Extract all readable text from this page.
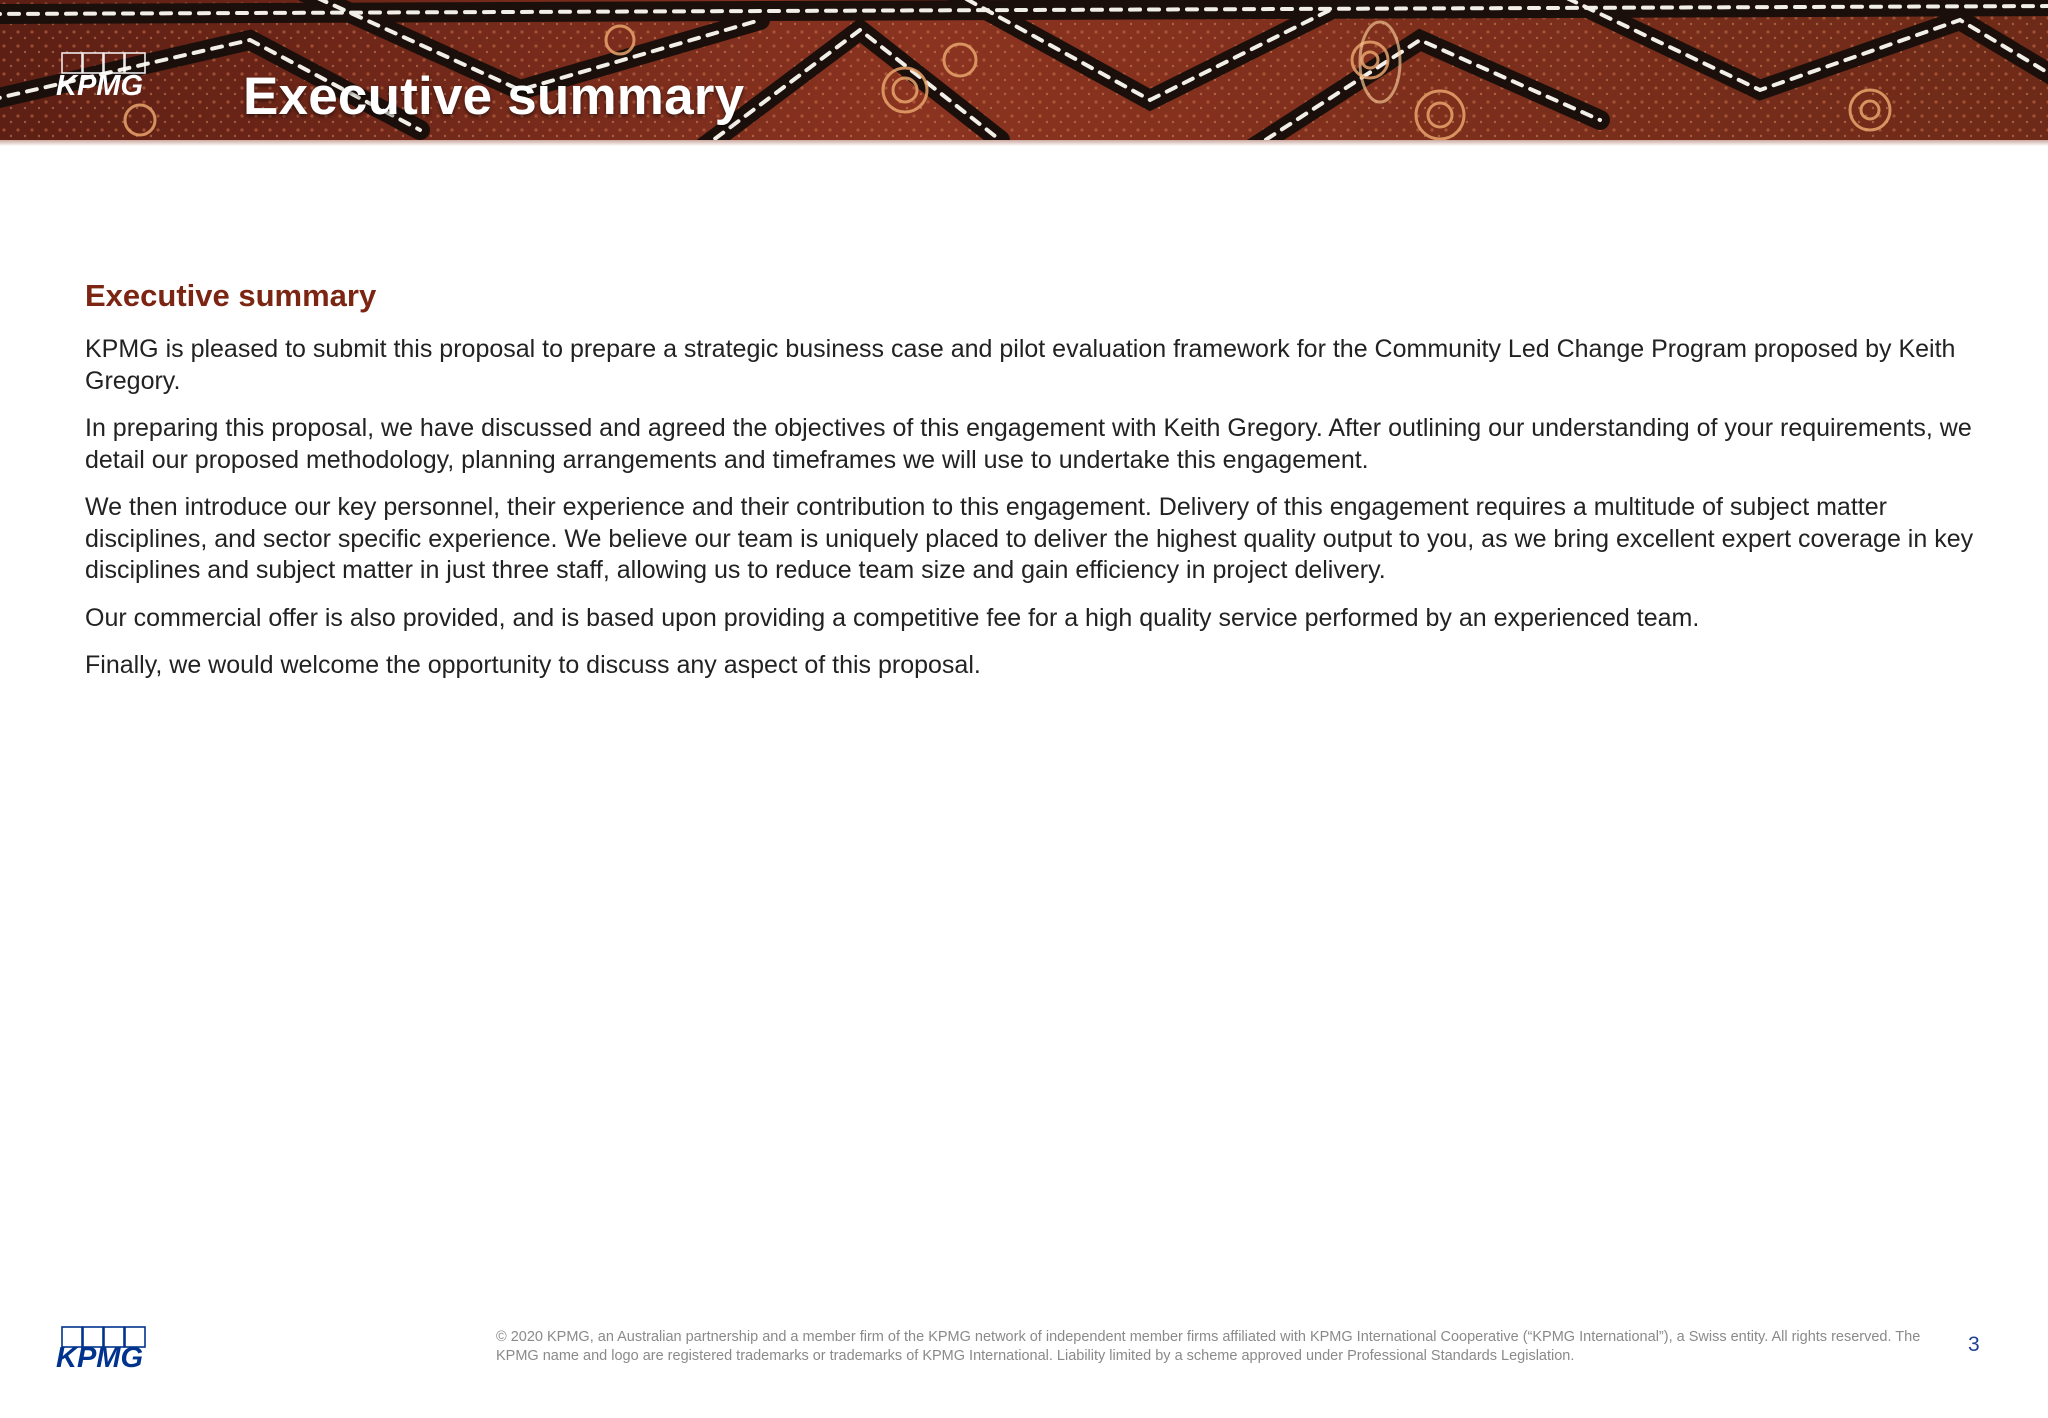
KPMG Executive summary
Executive summary

KPMG is pleased to submit this proposal to prepare a strategic business case and pilot evaluation framework for the Community Led Change Program proposed by Keith Gregory.

In preparing this proposal, we have discussed and agreed the objectives of this engagement with Keith Gregory. After outlining our understanding of your requirements, we detail our proposed methodology, planning arrangements and timeframes we will use to undertake this engagement.

We then introduce our key personnel, their experience and their contribution to this engagement. Delivery of this engagement requires a multitude of subject matter disciplines, and sector specific experience. We believe our team is uniquely placed to deliver the highest quality output to you, as we bring excellent expert coverage in key disciplines and subject matter in just three staff, allowing us to reduce team size and gain efficiency in project delivery.

Our commercial offer is also provided, and is based upon providing a competitive fee for a high quality service performed by an experienced team.

Finally, we would welcome the opportunity to discuss any aspect of this proposal.

KPMG
© 2020 KPMG, an Australian partnership and a member firm of the KPMG network of independent member firms affiliated with KPMG International Cooperative (“KPMG International”), a Swiss entity. All rights reserved. The KPMG name and logo are registered trademarks or trademarks of KPMG International. Liability limited by a scheme approved under Professional Standards Legislation.	3
